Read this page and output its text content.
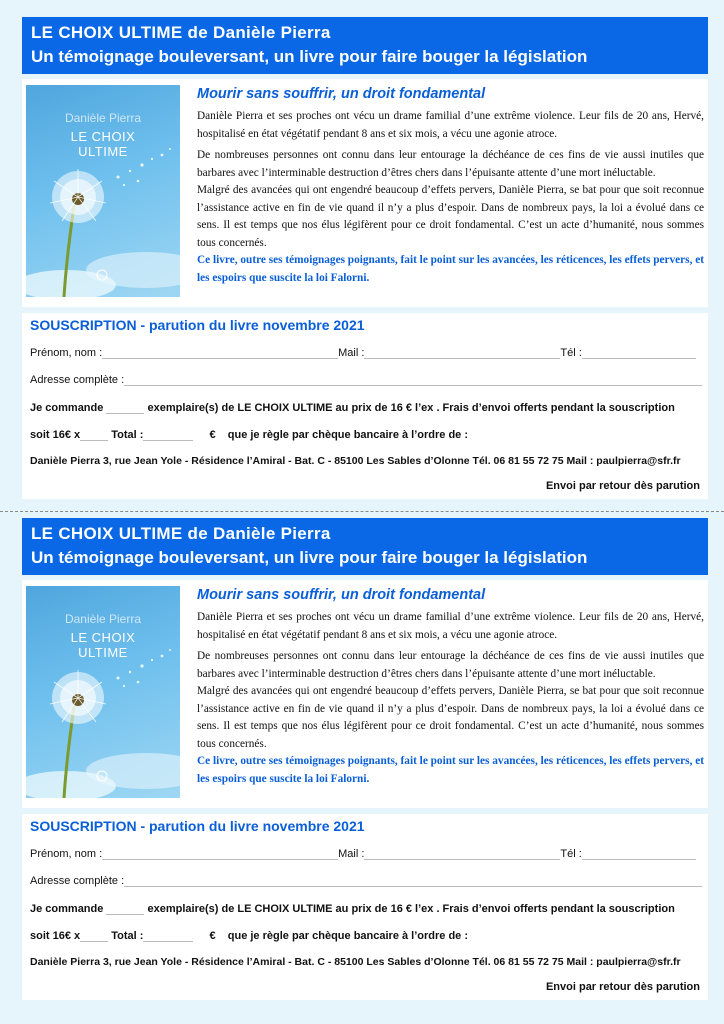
LE CHOIX ULTIME de Danièle Pierra
Un témoignage bouleversant, un livre pour faire bouger la législation
Danièle Pierra
LE CHOIX
ULTIME
Mourir sans souffrir, un droit fondamental

Danièle Pierra et ses proches ont vécu un drame familial d’une extrême violence. Leur fils de 20 ans, Hervé, hospitalisé en état végétatif pendant 8 ans et six mois, a vécu une agonie atroce.

De nombreuses personnes ont connu dans leur entourage la déchéance de ces fins de vie aussi inutiles que barbares avec l’interminable destruction d’êtres chers dans l’épuisante attente d’une mort inéluctable.

Malgré des avancées qui ont engendré beaucoup d’effets pervers, Danièle Pierra, se bat pour que soit reconnue l’assistance active en fin de vie quand il n’y a plus d’espoir. Dans de nombreux pays, la loi a évolué dans ce sens. Il est temps que nos élus légifèrent pour ce droit fondamental. C’est un acte d’humanité, nous sommes tous concernés.

Ce livre, outre ses témoignages poignants, fait le point sur les avancées, les réticences, les effets pervers, et les espoirs que suscite la loi Falorni.

SOUSCRIPTION - parution du livre novembre 2021
Prénom, nom :	Mail :	Tél :
Adresse complète :
Je commande	exemplaire(s) de LE CHOIX ULTIME au prix de 16 € l’ex . Frais d’envoi offerts pendant la souscription
soit 16€ x	Total :	€ que je règle par chèque bancaire à l’ordre de :
Danièle Pierra 3, rue Jean Yole - Résidence l’Amiral - Bat. C - 85100 Les Sables d’Olonne Tél. 06 81 55 72 75 Mail : paulpierra@sfr.fr
Envoi par retour dès parution
LE CHOIX ULTIME de Danièle Pierra
Un témoignage bouleversant, un livre pour faire bouger la législation
Danièle Pierra
LE CHOIX
ULTIME
Mourir sans souffrir, un droit fondamental

Danièle Pierra et ses proches ont vécu un drame familial d’une extrême violence. Leur fils de 20 ans, Hervé, hospitalisé en état végétatif pendant 8 ans et six mois, a vécu une agonie atroce.

De nombreuses personnes ont connu dans leur entourage la déchéance de ces fins de vie aussi inutiles que barbares avec l’interminable destruction d’êtres chers dans l’épuisante attente d’une mort inéluctable.

Malgré des avancées qui ont engendré beaucoup d’effets pervers, Danièle Pierra, se bat pour que soit reconnue l’assistance active en fin de vie quand il n’y a plus d’espoir. Dans de nombreux pays, la loi a évolué dans ce sens. Il est temps que nos élus légifèrent pour ce droit fondamental. C’est un acte d’humanité, nous sommes tous concernés.

Ce livre, outre ses témoignages poignants, fait le point sur les avancées, les réticences, les effets pervers, et les espoirs que suscite la loi Falorni.

SOUSCRIPTION - parution du livre novembre 2021
Prénom, nom :	Mail :	Tél :
Adresse complète :
Je commande	exemplaire(s) de LE CHOIX ULTIME au prix de 16 € l’ex . Frais d’envoi offerts pendant la souscription
soit 16€ x	Total :	€ que je règle par chèque bancaire à l’ordre de :
Danièle Pierra 3, rue Jean Yole - Résidence l’Amiral - Bat. C - 85100 Les Sables d’Olonne Tél. 06 81 55 72 75 Mail : paulpierra@sfr.fr
Envoi par retour dès parution
